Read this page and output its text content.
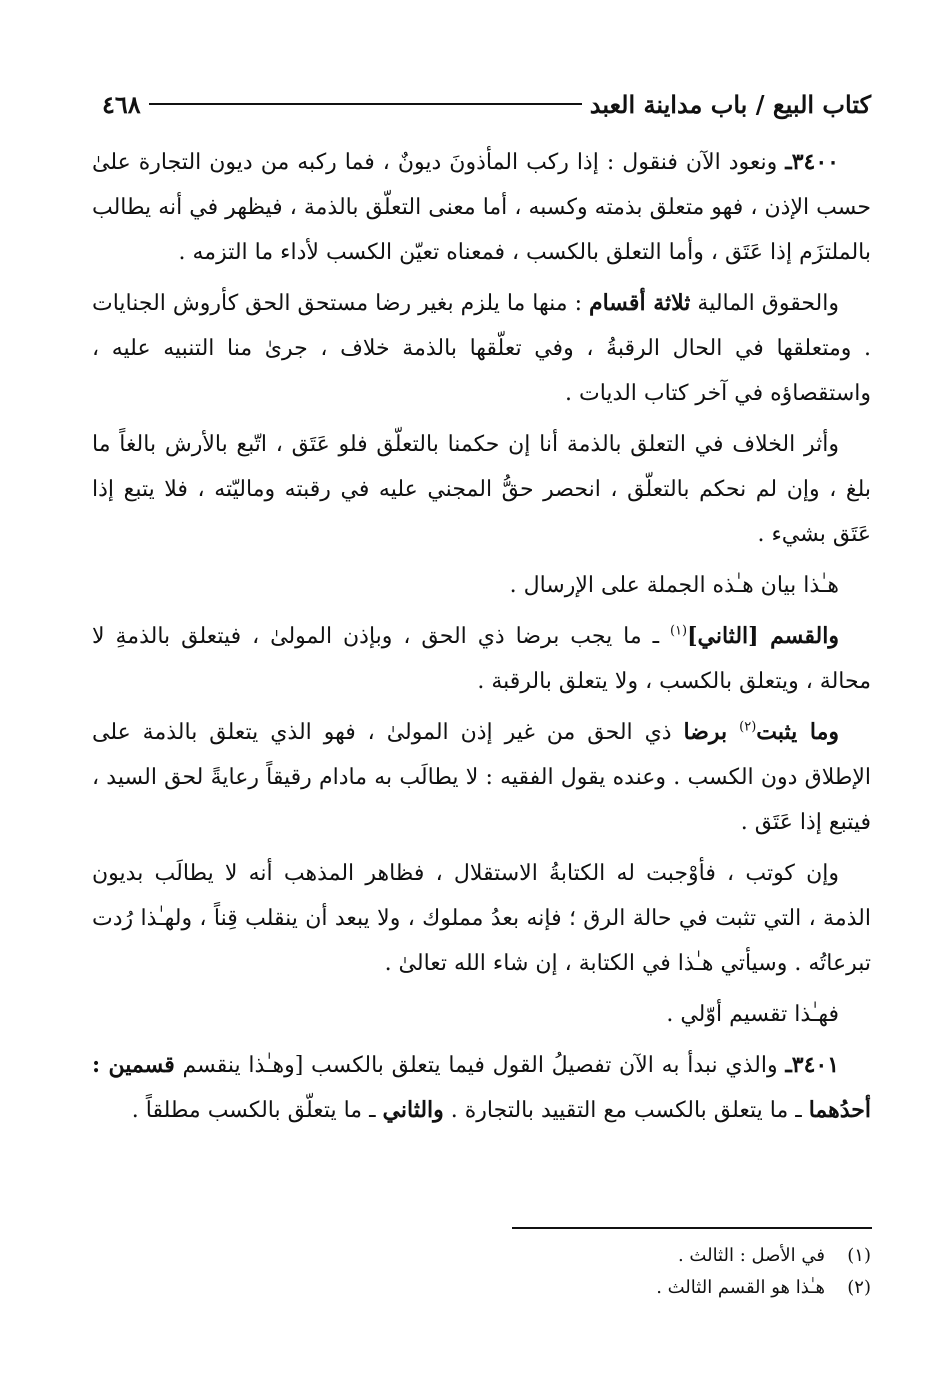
كتاب البيع / باب مداينة العبد
٤٦٨

٣٤٠٠ـ ونعود الآن فنقول : إذا ركب المأذونَ ديونٌ ، فما ركبه من ديون التجارة علىٰ حسب الإذن ، فهو متعلق بذمته وكسبه ، أما معنى التعلّق بالذمة ، فيظهر في أنه يطالب بالملتزَم إذا عَتَق ، وأما التعلق بالكسب ، فمعناه تعيّن الكسب لأداء ما التزمه .

والحقوق المالية ثلاثة أقسام : منها ما يلزم بغير رضا مستحق الحق كأروش الجنايات . ومتعلقها في الحال الرقبةُ ، وفي تعلّقها بالذمة خلاف ، جرىٰ منا التنبيه عليه ، واستقصاؤه في آخر كتاب الديات .

وأثر الخلاف في التعلق بالذمة أنا إن حكمنا بالتعلّق فلو عَتَق ، اتّبع بالأرش بالغاً ما بلغ ، وإن لم نحكم بالتعلّق ، انحصر حقُّ المجني عليه في رقبته وماليّته ، فلا يتبع إذا عَتَق بشيء .

هـٰذا بيان هـٰذه الجملة على الإرسال .

والقسم [الثاني]$^{(١)}$ ـ ما يجب برضا ذي الحق ، وبإذن المولىٰ ، فيتعلق بالذمةِ لا محالة ، ويتعلق بالكسب ، ولا يتعلق بالرقبة .

وما يثبت$^{(٢)}$ برضا ذي الحق من غير إذن المولىٰ ، فهو الذي يتعلق بالذمة على الإطلاق دون الكسب . وعنده يقول الفقيه : لا يطالَب به مادام رقيقاً رعايةً لحق السيد ، فيتبع إذا عَتَق .

وإن كوتب ، فأوْجبت له الكتابةُ الاستقلال ، فظاهر المذهب أنه لا يطالَب بديون الذمة ، التي تثبت في حالة الرق ؛ فإنه بعدُ مملوك ، ولا يبعد أن ينقلب قِناً ، ولهـٰذا رُدت تبرعاتُه . وسيأتي هـٰذا في الكتابة ، إن شاء الله تعالىٰ .

فهـٰذا تقسيم أوّلي .

٣٤٠١ـ والذي نبدأ به الآن تفصيلُ القول فيما يتعلق بالكسب [وهـٰذا ينقسم قسمين : أحدُهما ـ ما يتعلق بالكسب مع التقييد بالتجارة . والثاني ـ ما يتعلّق بالكسب مطلقاً .

(١)
في الأصل : الثالث .
(٢)
هـٰذا هو القسم الثالث .
